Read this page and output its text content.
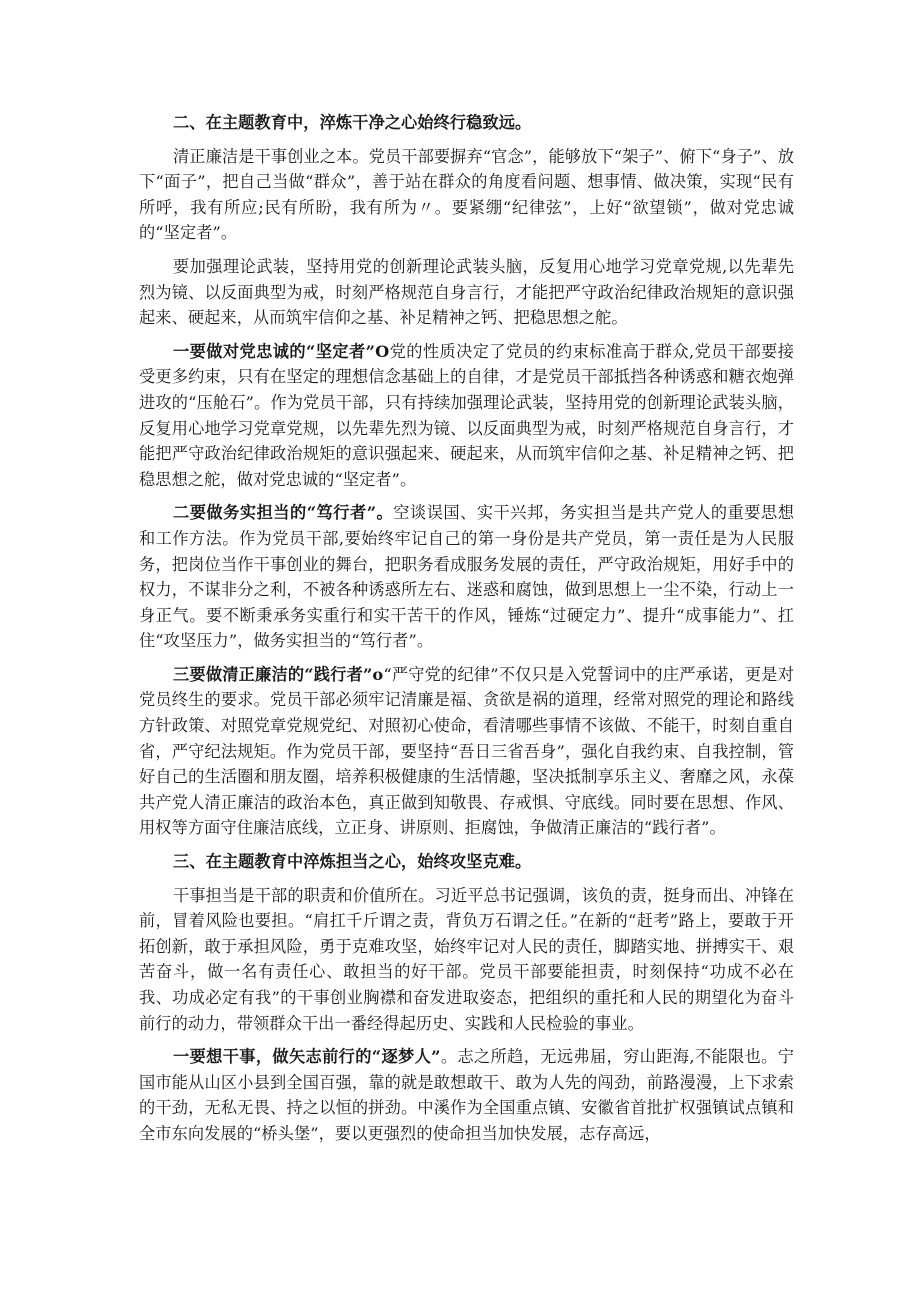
二、在主题教育中，淬炼干净之心始终行稳致远。

清正廉洁是干事创业之本。党员干部要摒弃“官念”，能够放下“架子”、俯下“身子”、放下“面子”，把自己当做“群众”，善于站在群众的角度看问题、想事情、做决策，实现“民有所呼，我有所应;民有所盼，我有所为〃。要紧绷“纪律弦”，上好“欲望锁”，做对党忠诚的“坚定者”。

要加强理论武装，坚持用党的创新理论武装头脑，反复用心地学习党章党规,以先辈先烈为镜、以反面典型为戒，时刻严格规范自身言行，才能把严守政治纪律政治规矩的意识强起来、硬起来，从而筑牢信仰之基、补足精神之钙、把稳思想之舵。

一要做对党忠诚的“坚定者”O党的性质决定了党员的约束标准高于群众,党员干部要接受更多约束，只有在坚定的理想信念基础上的自律，才是党员干部抵挡各种诱惑和糖衣炮弹进攻的“压舱石”。作为党员干部，只有持续加强理论武装，坚持用党的创新理论武装头脑，反复用心地学习党章党规，以先辈先烈为镜、以反面典型为戒，时刻严格规范自身言行，才能把严守政治纪律政治规矩的意识强起来、硬起来，从而筑牢信仰之基、补足精神之钙、把稳思想之舵，做对党忠诚的“坚定者”。

二要做务实担当的“笃行者”。空谈误国、实干兴邦，务实担当是共产党人的重要思想和工作方法。作为党员干部,要始终牢记自己的第一身份是共产党员，第一责任是为人民服务，把岗位当作干事创业的舞台，把职务看成服务发展的责任，严守政治规矩，用好手中的权力，不谋非分之利，不被各种诱惑所左右、迷惑和腐蚀，做到思想上一尘不染，行动上一身正气。要不断秉承务实重行和实干苦干的作风，锤炼“过硬定力”、提升“成事能力”、扛住“攻坚压力”，做务实担当的“笃行者”。

三要做清正廉洁的“践行者”o“严守党的纪律”不仅只是入党誓词中的庄严承诺，更是对党员终生的要求。党员干部必须牢记清廉是福、贪欲是祸的道理，经常对照党的理论和路线方针政策、对照党章党规党纪、对照初心使命，看清哪些事情不该做、不能干，时刻自重自省，严守纪法规矩。作为党员干部，要坚持“吾日三省吾身”，强化自我约束、自我控制，管好自己的生活圈和朋友圈，培养积极健康的生活情趣，坚决抵制享乐主义、奢靡之风，永葆共产党人清正廉洁的政治本色，真正做到知敬畏、存戒惧、守底线。同时要在思想、作风、用权等方面守住廉洁底线，立正身、讲原则、拒腐蚀，争做清正廉洁的“践行者”。

三、在主题教育中淬炼担当之心，始终攻坚克难。

干事担当是干部的职责和价值所在。习近平总书记强调，该负的责，挺身而出、冲锋在前，冒着风险也要担。“肩扛千斤谓之责，背负万石谓之任。”在新的“赶考”路上，要敢于开拓创新，敢于承担风险，勇于克难攻坚，始终牢记对人民的责任，脚踏实地、拼搏实干、艰苦奋斗，做一名有责任心、敢担当的好干部。党员干部要能担责，时刻保持“功成不必在我、功成必定有我”的干事创业胸襟和奋发进取姿态，把组织的重托和人民的期望化为奋斗前行的动力，带领群众干出一番经得起历史、实践和人民检验的事业。

一要想干事，做矢志前行的“逐梦人”。志之所趋，无远弗届，穷山距海,不能限也。宁国市能从山区小县到全国百强，靠的就是敢想敢干、敢为人先的闯劲，前路漫漫，上下求索的干劲，无私无畏、持之以恒的拼劲。中溪作为全国重点镇、安徽省首批扩权强镇试点镇和全市东向发展的“桥头堡”，要以更强烈的使命担当加快发展，志存高远，
